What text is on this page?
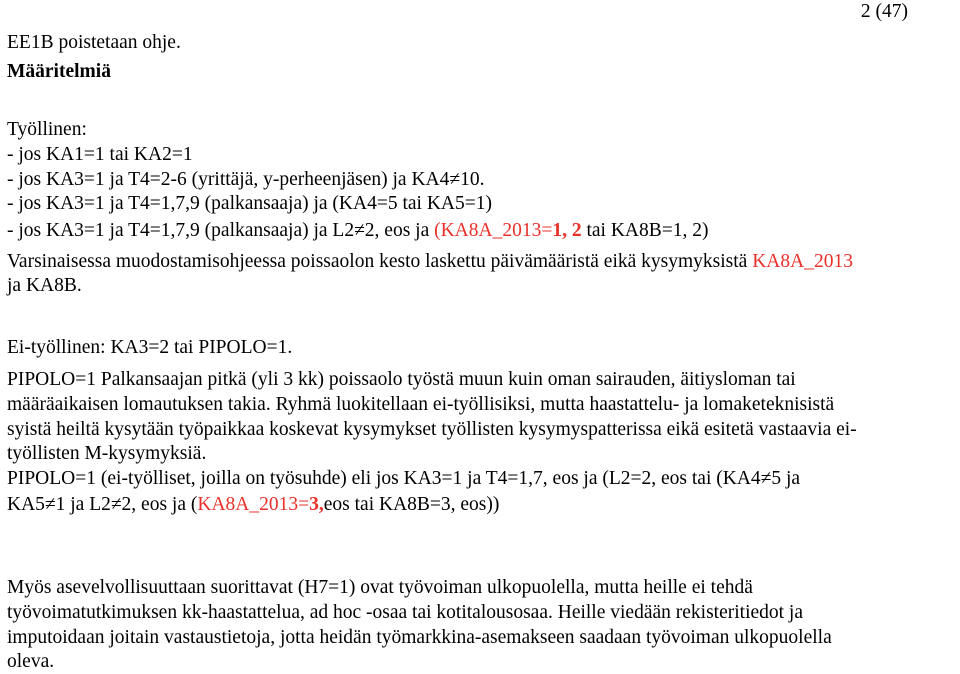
2 (47)
EE1B poistetaan ohje.
Määritelmiä
Työllinen:
- jos KA1=1 tai KA2=1
- jos KA3=1 ja T4=2-6 (yrittäjä, y-perheenjäsen) ja KA4≠10.
- jos KA3=1 ja T4=1,7,9 (palkansaaja) ja (KA4=5 tai KA5=1)
- jos KA3=1 ja T4=1,7,9 (palkansaaja) ja L2≠2, eos ja (KA8A_2013=1, 2 tai KA8B=1, 2)
Varsinaisessa muodostamisohjeessa poissaolon kesto laskettu päivämääristä eikä kysymyksistä KA8A_2013
ja KA8B.
Ei-työllinen: KA3=2 tai PIPOLO=1.
PIPOLO=1 Palkansaajan pitkä (yli 3 kk) poissaolo työstä muun kuin oman sairauden, äitiysloman tai
määräaikaisen lomautuksen takia. Ryhmä luokitellaan ei-työllisiksi, mutta haastattelu- ja lomaketeknisistä
syistä heiltä kysytään työpaikkaa koskevat kysymykset työllisten kysymyspatterissa eikä esitetä vastaavia ei-
työllisten M-kysymyksiä.
PIPOLO=1 (ei-työlliset, joilla on työsuhde) eli jos KA3=1 ja T4=1,7, eos ja (L2=2, eos tai (KA4≠5 ja
KA5≠1 ja L2≠2, eos ja (KA8A_2013=3,eos tai KA8B=3, eos))
Myös asevelvollisuuttaan suorittavat (H7=1) ovat työvoiman ulkopuolella, mutta heille ei tehdä
työvoimatutkimuksen kk-haastattelua, ad hoc -osaa tai kotitalousosaa. Heille viedään rekisteritiedot ja
imputoidaan joitain vastaustietoja, jotta heidän työmarkkina-asemakseen saadaan työvoiman ulkopuolella
oleva.
